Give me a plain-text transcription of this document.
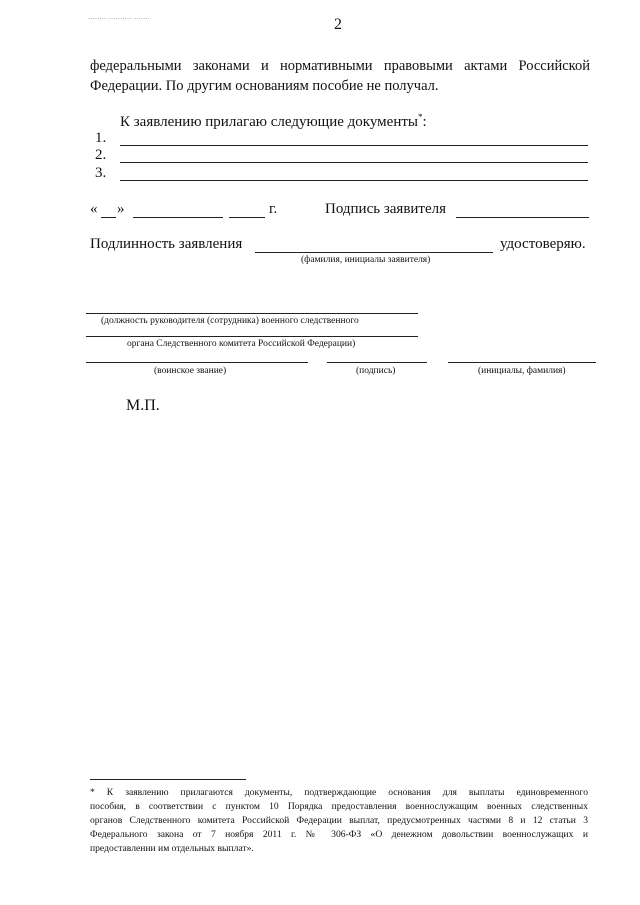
........ .......... .......	2
федеральными законами и нормативными правовыми актами Российской
Федерации. По другим основаниям пособие не получал.
К заявлению прилагаю следующие документы*:
1.
2.
3.
« »	г.	Подпись заявителя
Подлинность заявления	удостоверяю.
(фамилия, инициалы заявителя)
(должность руководителя (сотрудника) военного следственного
органа Следственного комитета Российской Федерации)
(воинское звание)	(подпись)	(инициалы, фамилия)
М.П.
* К заявлению прилагаются документы, подтверждающие основания для выплаты единовременного
пособия, в соответствии с пунктом 10 Порядка предоставления военнослужащим военных следственных
органов Следственного комитета Российской Федерации выплат, предусмотренных частями 8 и 12 статьи 3
Федерального закона от 7 ноября 2011 г. № 306-ФЗ «О денежном довольствии военнослужащих и
предоставлении им отдельных выплат».
